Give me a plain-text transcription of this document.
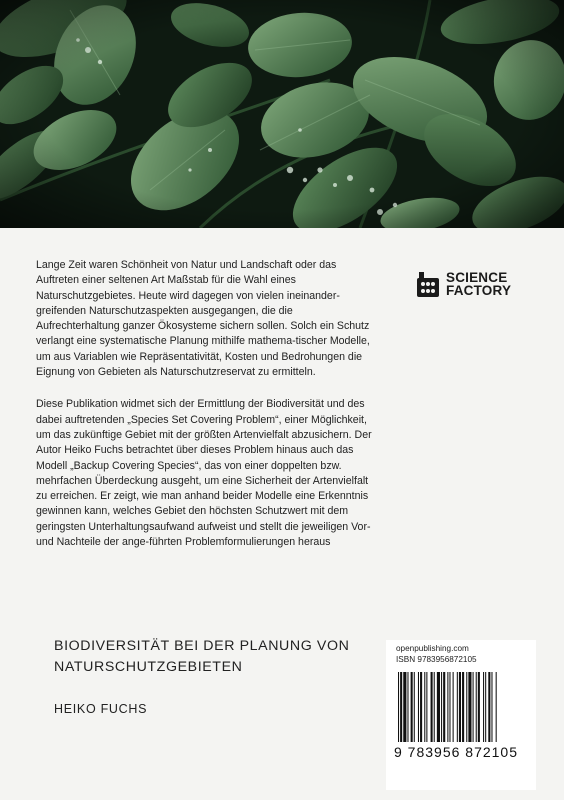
Lange Zeit waren Schönheit von Natur und Landschaft oder das Auftreten einer seltenen Art Maßstab für die Wahl eines Naturschutzgebietes. Heute wird dagegen von vielen ineinander-greifenden Naturschutzaspekten ausgegangen, die die Aufrechterhaltung ganzer Ökosysteme sichern sollen. Solch ein Schutz verlangt eine systematische Planung mithilfe mathema-tischer Modelle, um aus Variablen wie Repräsentativität, Kosten und Bedrohungen die Eignung von Gebieten als Naturschutzreservat zu ermitteln.

Diese Publikation widmet sich der Ermittlung der Biodiversität und des dabei auftretenden „Species Set Covering Problem“, einer Möglichkeit, um das zukünftige Gebiet mit der größten Artenvielfalt abzusichern. Der Autor Heiko Fuchs betrachtet über dieses Problem hinaus auch das Modell „Backup Covering Species“, das von einer doppelten bzw. mehrfachen Überdeckung ausgeht, um eine Sicherheit der Artenvielfalt zu erreichen. Er zeigt, wie man anhand beider Modelle eine Erkenntnis gewinnen kann, welches Gebiet den höchsten Schutzwert mit dem geringsten Unterhaltungsaufwand aufweist und stellt die jeweiligen Vor- und Nachteile der ange-führten Problemformulierungen heraus

SCIENCE
FACTORY
BIODIVERSITÄT BEI DER PLANUNG VON
NATURSCHUTZGEBIETEN
HEIKO FUCHS
openpublishing.com
ISBN 9783956872105
9 783956 872105
